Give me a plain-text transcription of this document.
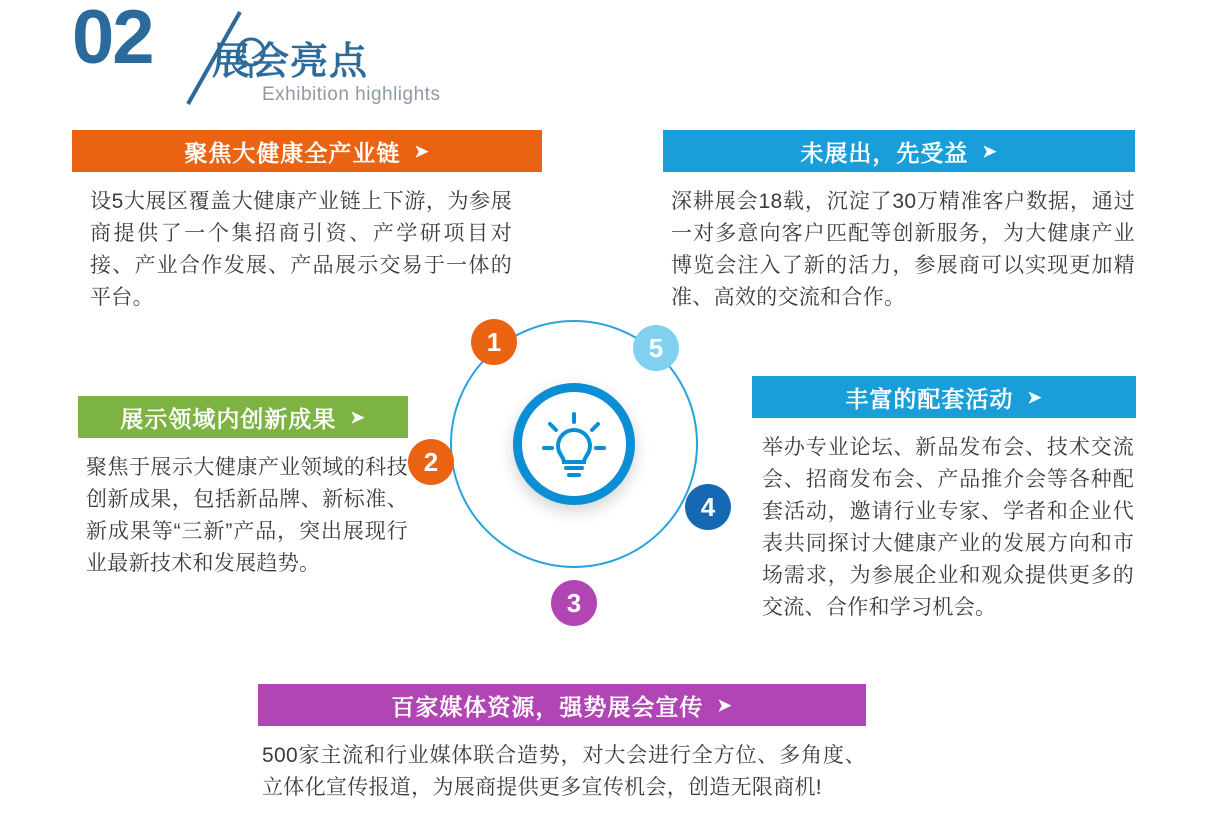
02 展会亮点
Exhibition highlights
聚焦大健康全产业链 ➤
设5大展区覆盖大健康产业链上下游，为参展商提供了一个集招商引资、产学研项目对接、产业合作发展、产品展示交易于一体的平台。
未展出，先受益 ➤
深耕展会18载，沉淀了30万精准客户数据，通过一对多意向客户匹配等创新服务，为大健康产业博览会注入了新的活力，参展商可以实现更加精准、高效的交流和合作。
展示领域内创新成果 ➤
聚焦于展示大健康产业领域的科技创新成果，包括新品牌、新标准、新成果等“三新”产品，突出展现行业最新技术和发展趋势。
丰富的配套活动 ➤
举办专业论坛、新品发布会、技术交流会、招商发布会、产品推介会等各种配套活动，邀请行业专家、学者和企业代表共同探讨大健康产业的发展方向和市场需求，为参展企业和观众提供更多的交流、合作和学习机会。
百家媒体资源，强势展会宣传 ➤
500家主流和行业媒体联合造势，对大会进行全方位、多角度、立体化宣传报道，为展商提供更多宣传机会，创造无限商机!
1
2
3
4
5
